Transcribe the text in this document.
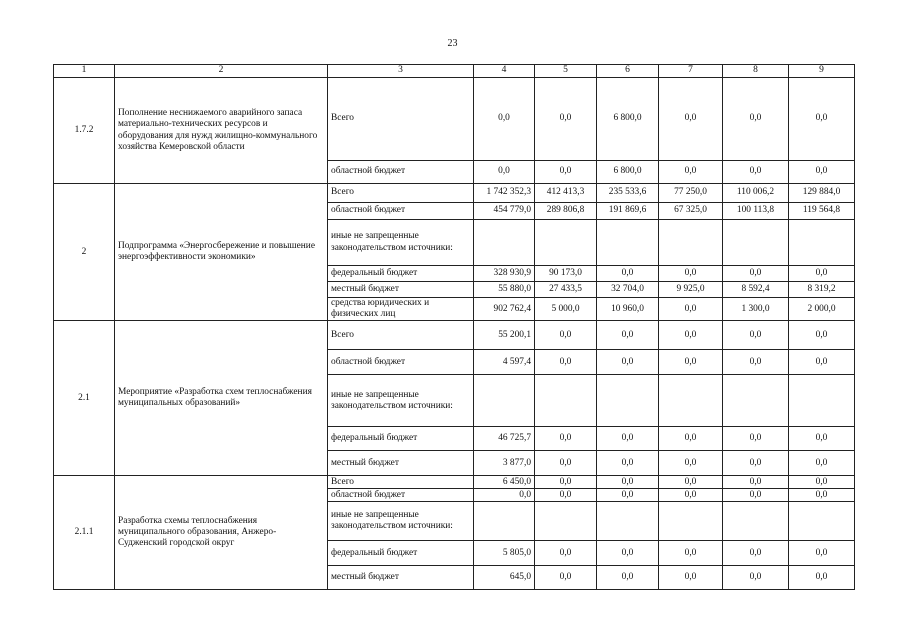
23
1	2	3	4	5	6	7	8	9
1.7.2	Пополнение неснижаемого аварийного запаса материально-технических ресурсов и оборудования для нужд жилищно-коммунального хозяйства Кемеровской области	Всего	0,0	0,0	6 800,0	0,0	0,0	0,0
		областной бюджет	0,0	0,0	6 800,0	0,0	0,0	0,0
2	Подпрограмма «Энергосбережение и повышение энергоэффективности экономики»	Всего	1 742 352,3	412 413,3	235 533,6	77 250,0	110 006,2	129 884,0
		областной бюджет	454 779,0	289 806,8	191 869,6	67 325,0	100 113,8	119 564,8
		иные не запрещенные законодательством источники:						
		федеральный бюджет	328 930,9	90 173,0	0,0	0,0	0,0	0,0
		местный бюджет	55 880,0	27 433,5	32 704,0	9 925,0	8 592,4	8 319,2
		средства юридических и физических лиц	902 762,4	5 000,0	10 960,0	0,0	1 300,0	2 000,0
2.1	Мероприятие «Разработка схем теплоснабжения муниципальных образований»	Всего	55 200,1	0,0	0,0	0,0	0,0	0,0
		областной бюджет	4 597,4	0,0	0,0	0,0	0,0	0,0
		иные не запрещенные законодательством источники:						
		федеральный бюджет	46 725,7	0,0	0,0	0,0	0,0	0,0
		местный бюджет	3 877,0	0,0	0,0	0,0	0,0	0,0
2.1.1	Разработка схемы теплоснабжения муниципального образования, Анжеро-Судженский городской округ	Всего	6 450,0	0,0	0,0	0,0	0,0	0,0
		областной бюджет	0,0	0,0	0,0	0,0	0,0	0,0
		иные не запрещенные законодательством источники:						
		федеральный бюджет	5 805,0	0,0	0,0	0,0	0,0	0,0
		местный бюджет	645,0	0,0	0,0	0,0	0,0	0,0
